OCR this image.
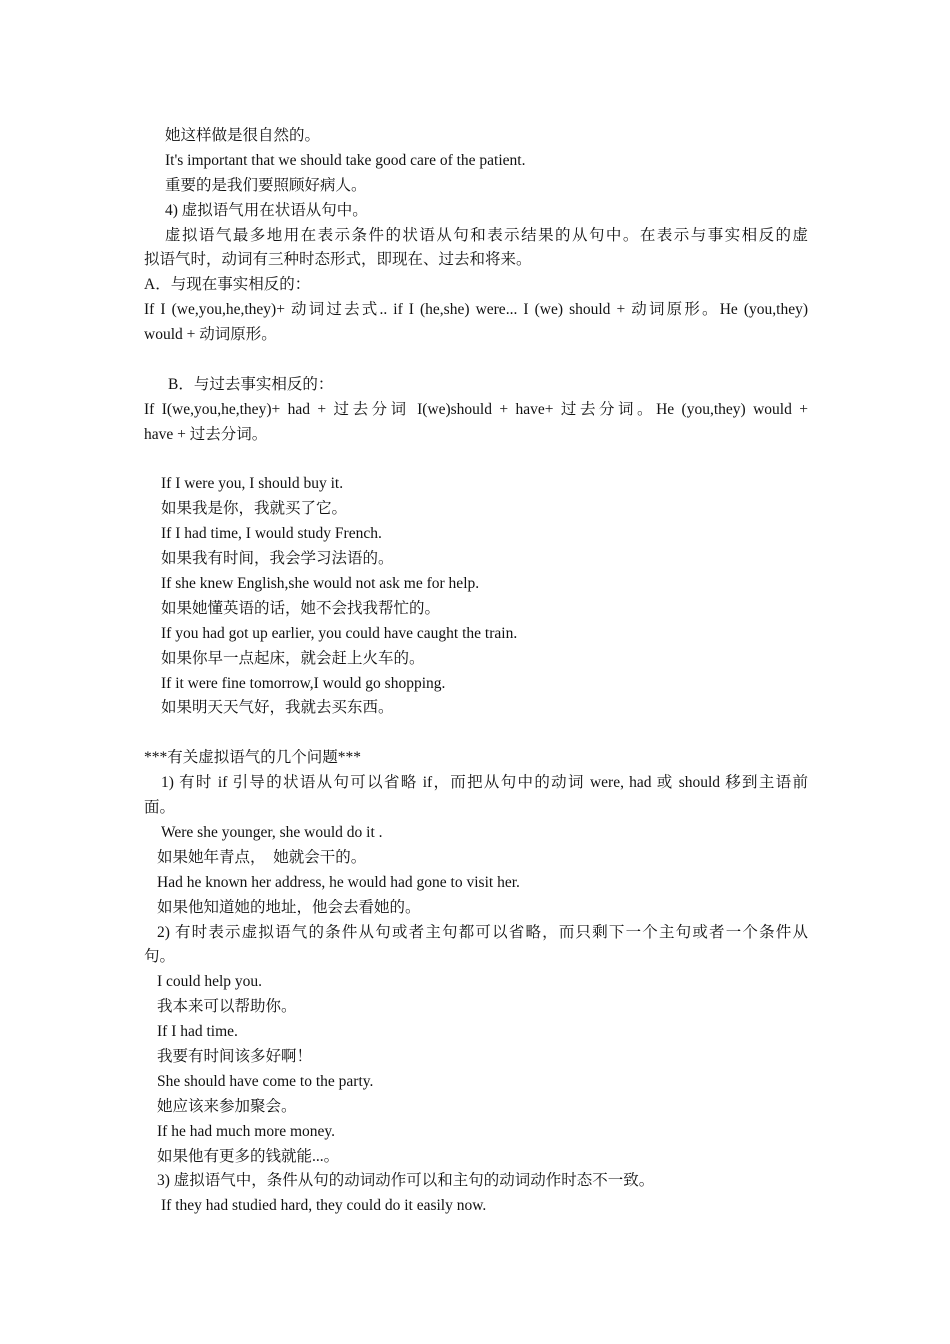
她这样做是很自然的。
It's important that we should take good care of the patient.
重要的是我们要照顾好病人。
4) 虚拟语气用在状语从句中。
虚拟语气最多地用在表示条件的状语从句和表示结果的从句中。在表示与事实相反的虚
拟语气时，动词有三种时态形式，即现在、过去和将来。
A．与现在事实相反的：
If I (we,you,he,they)+ 动词过去式.. if I (he,she) were... I (we) should + 动词原形。He (you,they)
would + 动词原形。
B．与过去事实相反的：
If I(we,you,he,they)+ had + 过去分词 I(we)should + have+ 过去分词。He (you,they) would +
have + 过去分词。
If I were you, I should buy it.
如果我是你，我就买了它。
If I had time, I would study French.
如果我有时间，我会学习法语的。
If she knew English,she would not ask me for help.
如果她懂英语的话，她不会找我帮忙的。
If you had got up earlier, you could have caught the train.
如果你早一点起床，就会赶上火车的。
If it were fine tomorrow,I would go shopping.
如果明天天气好，我就去买东西。
***有关虚拟语气的几个问题***
1) 有时 if 引导的状语从句可以省略 if，而把从句中的动词 were, had 或 should 移到主语前
面。
Were she younger, she would do it .
如果她年青点，  她就会干的。
Had he known her address, he would had gone to visit her.
如果他知道她的地址，他会去看她的。
2) 有时表示虚拟语气的条件从句或者主句都可以省略，而只剩下一个主句或者一个条件从
句。
I could help you.
我本来可以帮助你。
If I had time.
我要有时间该多好啊！
She should have come to the party.
她应该来参加聚会。
If he had much more money.
如果他有更多的钱就能...。
3) 虚拟语气中，条件从句的动词动作可以和主句的动词动作时态不一致。
If they had studied hard, they could do it easily now.
